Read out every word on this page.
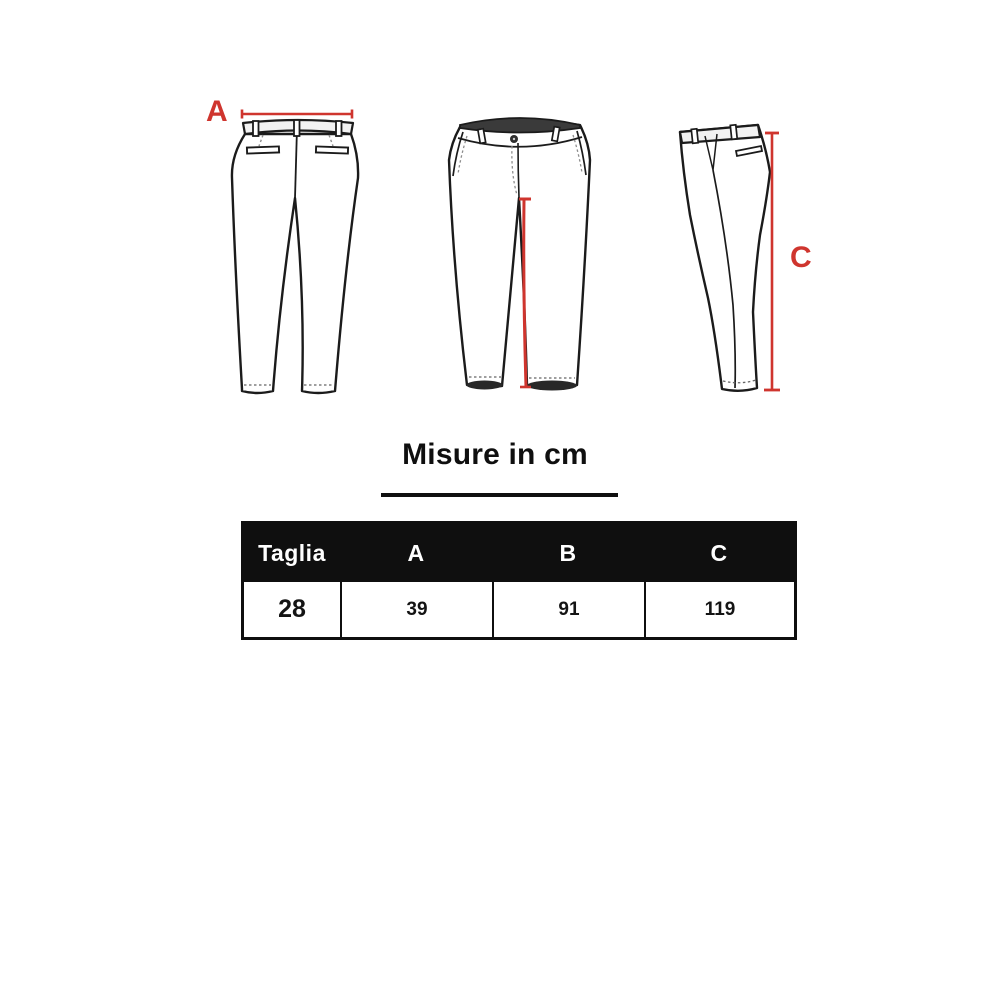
A
C
Misure in cm
Taglia	A	B	C
28	39	91	119
